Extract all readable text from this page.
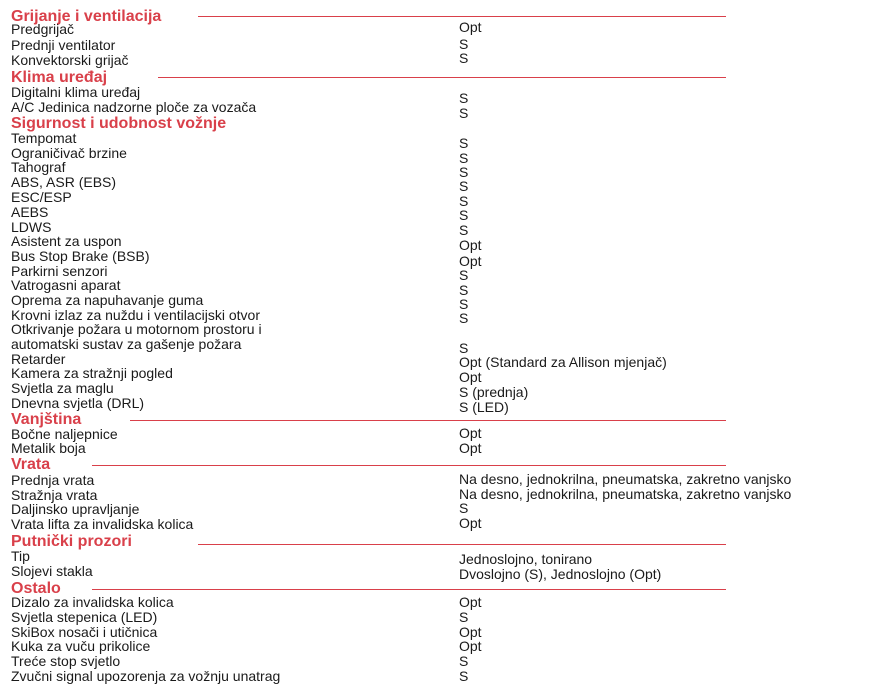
Grijanje i ventilacija
Predgrijač	Opt
Prednji ventilator	S
Konvektorski grijač	S
Klima uređaj
Digitalni klima uređaj	S
A/C Jedinica nadzorne ploče za vozača	S
Sigurnost i udobnost vožnje
Tempomat	S
Ograničivač brzine	S
Tahograf	S
ABS, ASR (EBS)	S
ESC/ESP	S
AEBS	S
LDWS	S
Asistent za uspon	Opt
Bus Stop Brake (BSB)	Opt
Parkirni senzori	S
Vatrogasni aparat	S
Oprema za napuhavanje guma	S
Krovni izlaz za nuždu i ventilacijski otvor	S
Otkrivanje požara u motornom prostoru i
automatski sustav za gašenje požara	S
Retarder	Opt (Standard za Allison mjenjač)
Kamera za stražnji pogled	Opt
Svjetla za maglu	S (prednja)
Dnevna svjetla (DRL)	S (LED)
Vanjština
Bočne naljepnice	Opt
Metalik boja	Opt
Vrata
Prednja vrata	Na desno, jednokrilna, pneumatska, zakretno vanjsko
Stražnja vrata	Na desno, jednokrilna, pneumatska, zakretno vanjsko
Daljinsko upravljanje	S
Vrata lifta za invalidska kolica	Opt
Putnički prozori
Tip	Jednoslojno, tonirano
Slojevi stakla	Dvoslojno (S), Jednoslojno (Opt)
Ostalo
Dizalo za invalidska kolica	Opt
Svjetla stepenica (LED)	S
SkiBox nosači i utičnica	Opt
Kuka za vuču prikolice	Opt
Treće stop svjetlo	S
Zvučni signal upozorenja za vožnju unatrag	S
